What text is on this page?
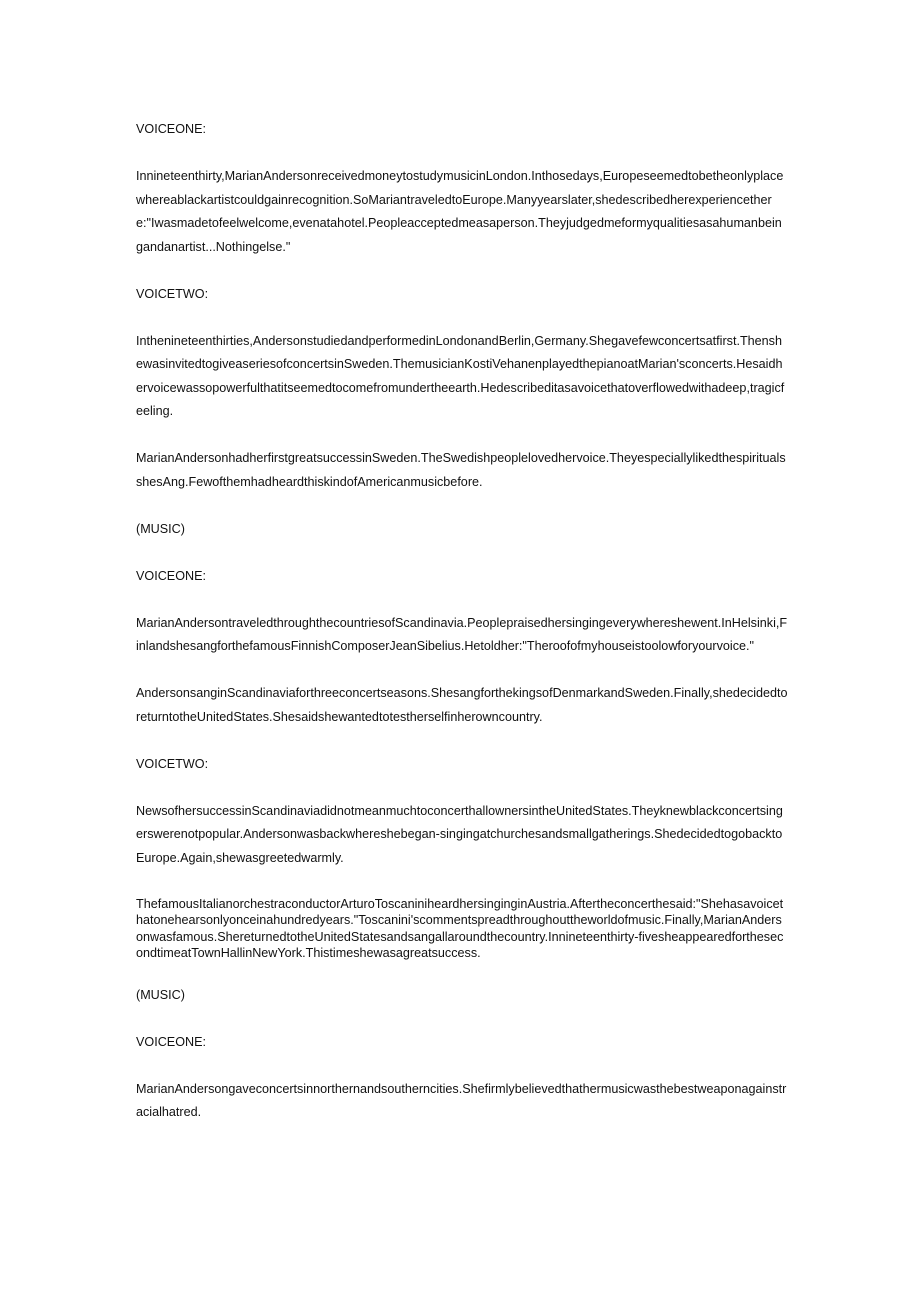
VOICEONE:

Innineteenthirty,MarianAndersonreceivedmoneytostudymusicinLondon.Inthosedays,Europeseemedtobetheonlyplacewhereablackartistcouldgainrecognition.SoMariantraveledtoEurope.Manyyearslater,shedescribedherexperiencethere:"Iwasmadetofeelwelcome,evenatahotel.Peopleacceptedmeasaperson.Theyjudgedmeformyqualitiesasahumanbeingandanartist...Nothingelse."

VOICETWO:

Inthenineteenthirties,AndersonstudiedandperformedinLondonandBerlin,Germany.Shegavefewconcertsatfirst.ThenshewasinvitedtogiveaseriesofconcertsinSweden.ThemusicianKostiVehanenplayedthepianoatMarian'sconcerts.Hesaidhervoicewassopowerfulthatitseemedtocomefromundertheearth.Hedescribeditasavoicethatoverflowedwithadeep,tragicfeeling.

MarianAndersonhadherfirstgreatsuccessinSweden.TheSwedishpeoplelovedhervoice.TheyespeciallylikedthespiritualsshesAng.FewofthemhadheardthiskindofAmericanmusicbefore.

(MUSIC)

VOICEONE:

MarianAndersontraveledthroughthecountriesofScandinavia.Peoplepraisedhersingingeverywhereshewent.InHelsinki,FinlandshesangforthefamousFinnishComposerJeanSibelius.Hetoldher:"Theroofofmyhouseistoolowforyourvoice."

AndersonsanginScandinaviaforthreeconcertseasons.ShesangforthekingsofDenmarkandSweden.Finally,shedecidedtoreturntotheUnitedStates.Shesaidshewantedtotestherselfinherowncountry.

VOICETWO:

NewsofhersuccessinScandinaviadidnotmeanmuchtoconcerthallownersintheUnitedStates.Theyknewblackconcertsingerswerenotpopular.Andersonwasbackwhereshebegan-singingatchurchesandsmallgatherings.ShedecidedtogobacktoEurope.Again,shewasgreetedwarmly.

ThefamousItalianorchestraconductorArturoToscaniniheardhersinginginAustria.Aftertheconcerthesaid:"Shehasavoicethatonehearsonlyonceinahundredyears."Toscanini'scommentspreadthroughouttheworldofmusic.Finally,MarianAndersonwasfamous.ShereturnedtotheUnitedStatesandsangallaroundthecountry.Innineteenthirty-fivesheappearedforthesecondtimeatTownHallinNewYork.Thistimeshewasagreatsuccess.

(MUSIC)

VOICEONE:

MarianAndersongaveconcertsinnorthernandsoutherncities.Shefirmlybelievedthathermusicwasthebestweaponagainstracialhatred.
